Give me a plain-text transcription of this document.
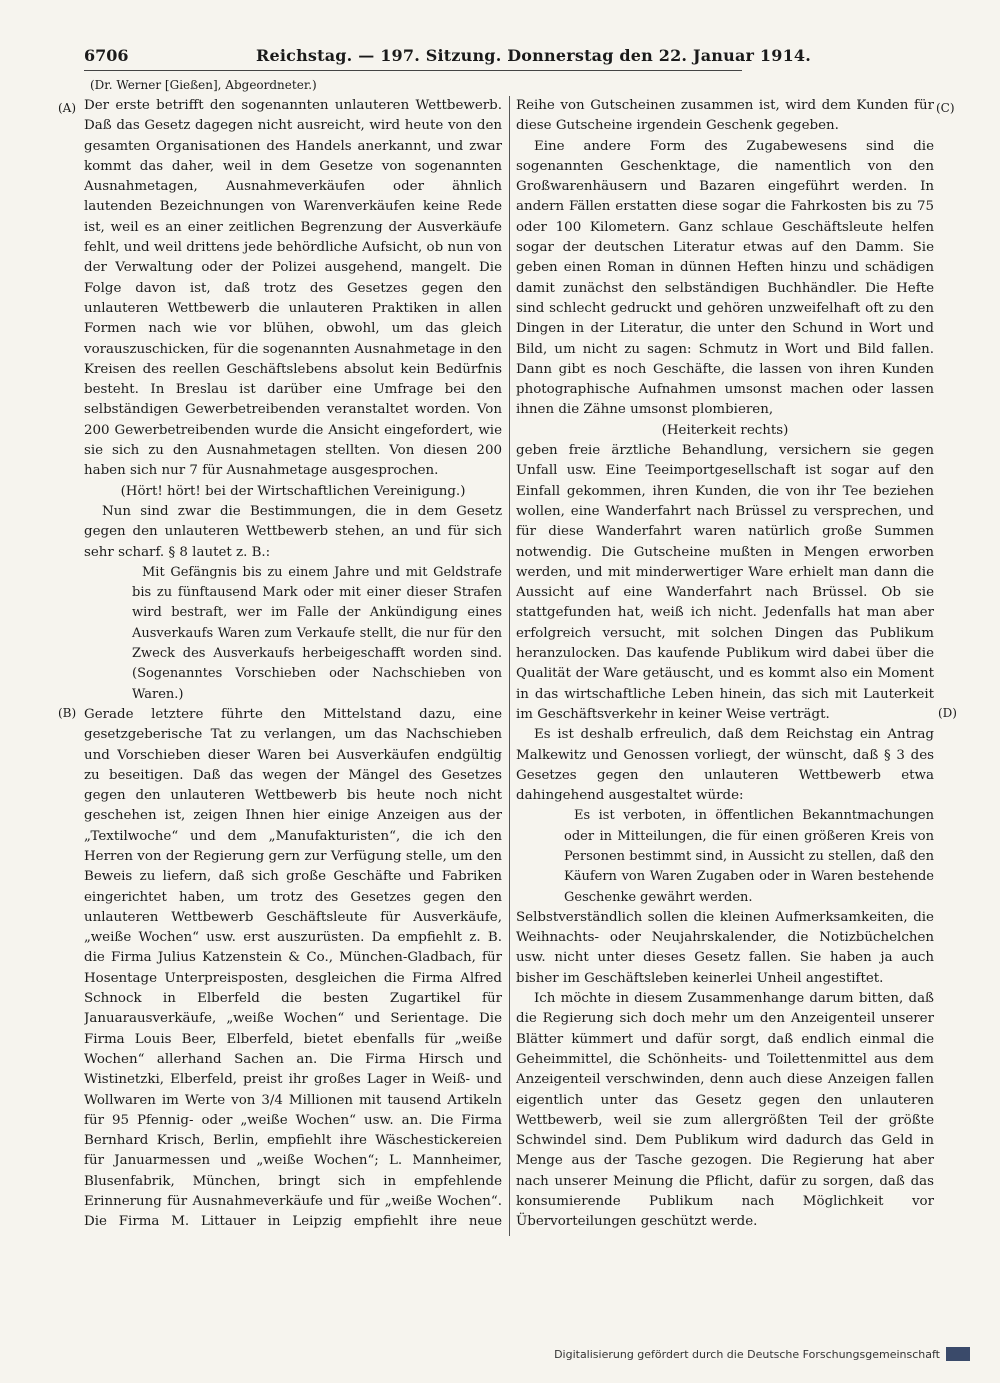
6706	Reichstag. — 197. Sitzung. Donnerstag den 22. Januar 1914.
(Dr. Werner [Gießen], Abgeordneter.)
(A)
(B)
(C)
(D)

Der erste betrifft den sogenannten unlauteren Wettbewerb. Daß das Gesetz dagegen nicht ausreicht, wird heute von den gesamten Organisationen des Handels anerkannt, und zwar kommt das daher, weil in dem Gesetze von sogenannten Ausnahmetagen, Ausnahmeverkäufen oder ähnlich lautenden Bezeichnungen von Warenverkäufen keine Rede ist, weil es an einer zeitlichen Begrenzung der Ausverkäufe fehlt, und weil drittens jede behördliche Aufsicht, ob nun von der Verwaltung oder der Polizei ausgehend, mangelt. Die Folge davon ist, daß trotz des Gesetzes gegen den unlauteren Wettbewerb die unlauteren Praktiken in allen Formen nach wie vor blühen, obwohl, um das gleich vorauszuschicken, für die sogenannten Ausnahmetage in den Kreisen des reellen Geschäftslebens absolut kein Bedürfnis besteht. In Breslau ist darüber eine Umfrage bei den selbständigen Gewerbetreibenden veranstaltet worden. Von 200 Gewerbetreibenden wurde die Ansicht eingefordert, wie sie sich zu den Ausnahmetagen stellten. Von diesen 200 haben sich nur 7 für Ausnahmetage ausgesprochen.

(Hört! hört! bei der Wirtschaftlichen Vereinigung.)

Nun sind zwar die Bestimmungen, die in dem Gesetz gegen den unlauteren Wettbewerb stehen, an und für sich sehr scharf. § 8 lautet z. B.:

Mit Gefängnis bis zu einem Jahre und mit Geldstrafe bis zu fünftausend Mark oder mit einer dieser Strafen wird bestraft, wer im Falle der Ankündigung eines Ausverkaufs Waren zum Verkaufe stellt, die nur für den Zweck des Ausverkaufs herbeigeschafft worden sind. (Sogenanntes Vorschieben oder Nachschieben von Waren.)

Gerade letztere führte den Mittelstand dazu, eine gesetzgeberische Tat zu verlangen, um das Nachschieben und Vorschieben dieser Waren bei Ausverkäufen endgültig zu beseitigen. Daß das wegen der Mängel des Gesetzes gegen den unlauteren Wettbewerb bis heute noch nicht geschehen ist, zeigen Ihnen hier einige Anzeigen aus der „Textilwoche“ und dem „Manufakturisten“, die ich den Herren von der Regierung gern zur Verfügung stelle, um den Beweis zu liefern, daß sich große Geschäfte und Fabriken eingerichtet haben, um trotz des Gesetzes gegen den unlauteren Wettbewerb Geschäftsleute für Ausverkäufe, „weiße Wochen“ usw. erst auszurüsten. Da empfiehlt z. B. die Firma Julius Katzenstein & Co., München-Gladbach, für Hosentage Unterpreisposten, desgleichen die Firma Alfred Schnock in Elberfeld die besten Zugartikel für Januarausverkäufe, „weiße Wochen“ und Serientage. Die Firma Louis Beer, Elberfeld, bietet ebenfalls für „weiße Wochen“ allerhand Sachen an. Die Firma Hirsch und Wistinetzki, Elberfeld, preist ihr großes Lager in Weiß- und Wollwaren im Werte von 3/4 Millionen mit tausend Artikeln für 95 Pfennig- oder „weiße Wochen“ usw. an. Die Firma Bernhard Krisch, Berlin, empfiehlt ihre Wäschestickereien für Januarmessen und „weiße Wochen“; L. Mannheimer, Blusenfabrik, München, bringt sich in empfehlende Erinnerung für Ausnahmeverkäufe und für „weiße Wochen“. Die Firma M. Littauer in Leipzig empfiehlt ihre neue

Reihe von Gutscheinen zusammen ist, wird dem Kunden für diese Gutscheine irgendein Geschenk gegeben.

Eine andere Form des Zugabewesens sind die sogenannten Geschenktage, die namentlich von den Großwarenhäusern und Bazaren eingeführt werden. In andern Fällen erstatten diese sogar die Fahrkosten bis zu 75 oder 100 Kilometern. Ganz schlaue Geschäftsleute helfen sogar der deutschen Literatur etwas auf den Damm. Sie geben einen Roman in dünnen Heften hinzu und schädigen damit zunächst den selbständigen Buchhändler. Die Hefte sind schlecht gedruckt und gehören unzweifelhaft oft zu den Dingen in der Literatur, die unter den Schund in Wort und Bild, um nicht zu sagen: Schmutz in Wort und Bild fallen. Dann gibt es noch Geschäfte, die lassen von ihren Kunden photographische Aufnahmen umsonst machen oder lassen ihnen die Zähne umsonst plombieren,

(Heiterkeit rechts)

geben freie ärztliche Behandlung, versichern sie gegen Unfall usw. Eine Teeimportgesellschaft ist sogar auf den Einfall gekommen, ihren Kunden, die von ihr Tee beziehen wollen, eine Wanderfahrt nach Brüssel zu versprechen, und für diese Wanderfahrt waren natürlich große Summen notwendig. Die Gutscheine mußten in Mengen erworben werden, und mit minderwertiger Ware erhielt man dann die Aussicht auf eine Wanderfahrt nach Brüssel. Ob sie stattgefunden hat, weiß ich nicht. Jedenfalls hat man aber erfolgreich versucht, mit solchen Dingen das Publikum heranzulocken. Das kaufende Publikum wird dabei über die Qualität der Ware getäuscht, und es kommt also ein Moment in das wirtschaftliche Leben hinein, das sich mit Lauterkeit im Geschäftsverkehr in keiner Weise verträgt.

Es ist deshalb erfreulich, daß dem Reichstag ein Antrag Malkewitz und Genossen vorliegt, der wünscht, daß § 3 des Gesetzes gegen den unlauteren Wettbewerb etwa dahingehend ausgestaltet würde:

Es ist verboten, in öffentlichen Bekanntmachungen oder in Mitteilungen, die für einen größeren Kreis von Personen bestimmt sind, in Aussicht zu stellen, daß den Käufern von Waren Zugaben oder in Waren bestehende Geschenke gewährt werden.

Selbstverständlich sollen die kleinen Aufmerksamkeiten, die Weihnachts- oder Neujahrskalender, die Notizbüchelchen usw. nicht unter dieses Gesetz fallen. Sie haben ja auch bisher im Geschäftsleben keinerlei Unheil angestiftet.

Ich möchte in diesem Zusammenhange darum bitten, daß die Regierung sich doch mehr um den Anzeigenteil unserer Blätter kümmert und dafür sorgt, daß endlich einmal die Geheimmittel, die Schönheits- und Toilettenmittel aus dem Anzeigenteil verschwinden, denn auch diese Anzeigen fallen eigentlich unter das Gesetz gegen den unlauteren Wettbewerb, weil sie zum allergrößten Teil der größte Schwindel sind. Dem Publikum wird dadurch das Geld in Menge aus der Tasche gezogen. Die Regierung hat aber nach unserer Meinung die Pflicht, dafür zu sorgen, daß das konsumierende Publikum nach Möglichkeit vor Übervorteilungen geschützt werde.

Digitalisierung gefördert durch die Deutsche Forschungsgemeinschaft
